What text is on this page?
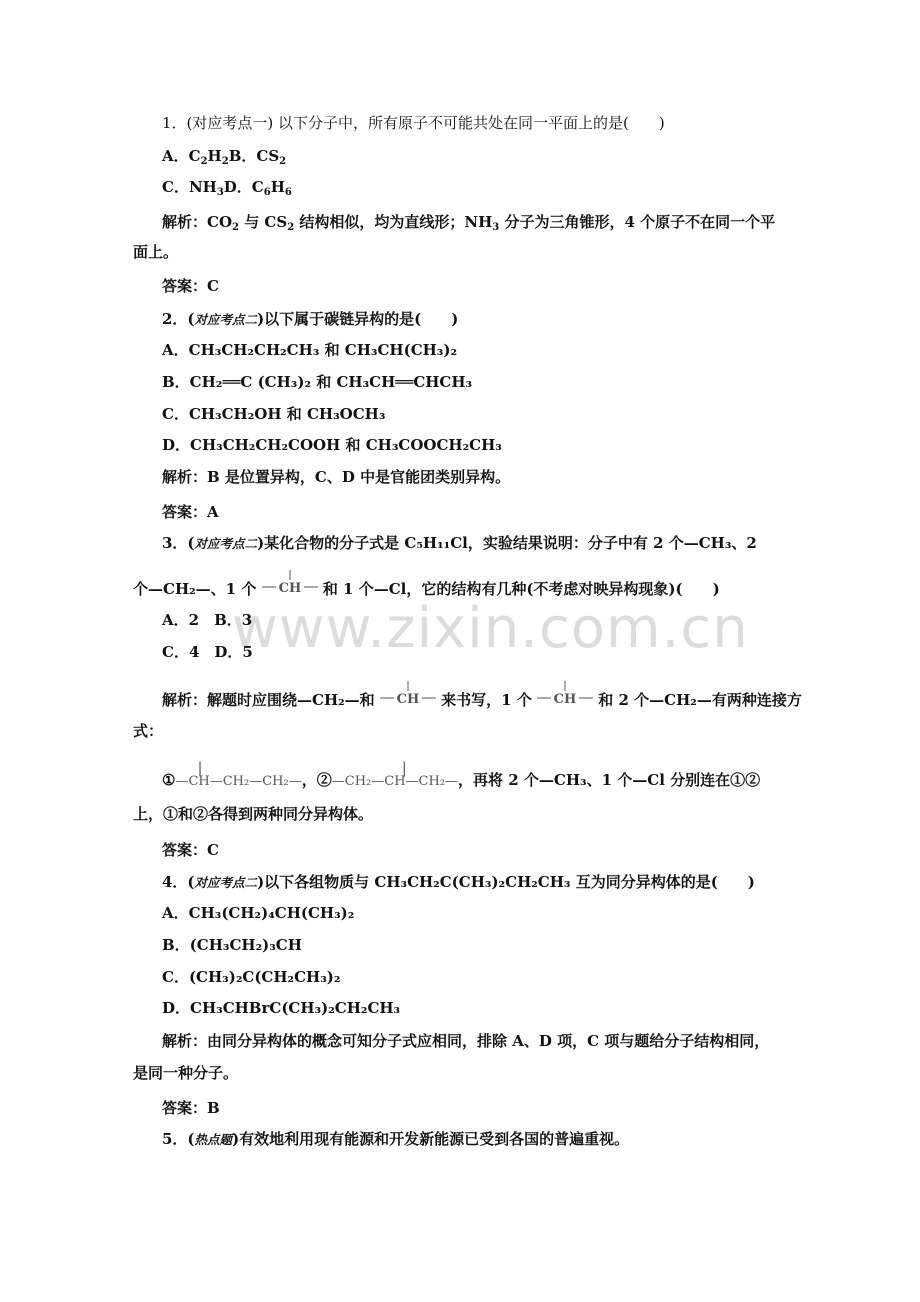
www.zixin.com.cn
1．(对应考点一) 以下分子中，所有原子不可能共处在同一平面上的是(　　)
A．$C_2H_2B$．$CS_2$
C．$NH_3D$．$C_6H_6$
解析：$CO_2$ 与 $CS_2$ 结构相似，均为直线形；$NH_3$ 分子为三角锥形，4 个原子不在同一个平
面上。
答案：C
2．(对应考点二)以下属于碳链异构的是(　　)
A．CH₃CH₂CH₂CH₃ 和 CH₃CH(CH₃)₂
B．CH₂══C (CH₃)₂ 和 CH₃CH══CHCH₃
C．CH₃CH₂OH 和 CH₃OCH₃
D．CH₃CH₂CH₂COOH 和 CH₃COOCH₂CH₃
解析：B 是位置异构，C、D 中是官能团类别异构。
答案：A
3．(对应考点二)某化合物的分子式是 C₅H₁₁Cl，实验结果说明：分子中有 2 个—CH₃、2
个—CH₂—、1 个 CH 和 1 个—Cl，它的结构有几种(不考虑对映异构现象)(　　)
A．2　B．3
C．4　D．5
解析：解题时应围绕—CH₂—和 CH 来书写，1 个 CH 和 2 个—CH₂—有两种连接方
式：
①
|
—CH—CH₂—CH₂—，②
|
—CH₂—CH—CH₂—，再将 2 个—CH₃、1 个—Cl 分别连在①②
上，①和②各得到两种同分异构体。
答案：C
4．(对应考点二)以下各组物质与 CH₃CH₂C(CH₃)₂CH₂CH₃ 互为同分异构体的是(　　)
A．CH₃(CH₂)₄CH(CH₃)₂
B．(CH₃CH₂)₃CH
C．(CH₃)₂C(CH₂CH₃)₂
D．CH₃CHBrC(CH₃)₂CH₂CH₃
解析：由同分异构体的概念可知分子式应相同，排除 A、D 项，C 项与题给分子结构相同，
是同一种分子。
答案：B
5．(热点题)有效地利用现有能源和开发新能源已受到各国的普遍重视。
